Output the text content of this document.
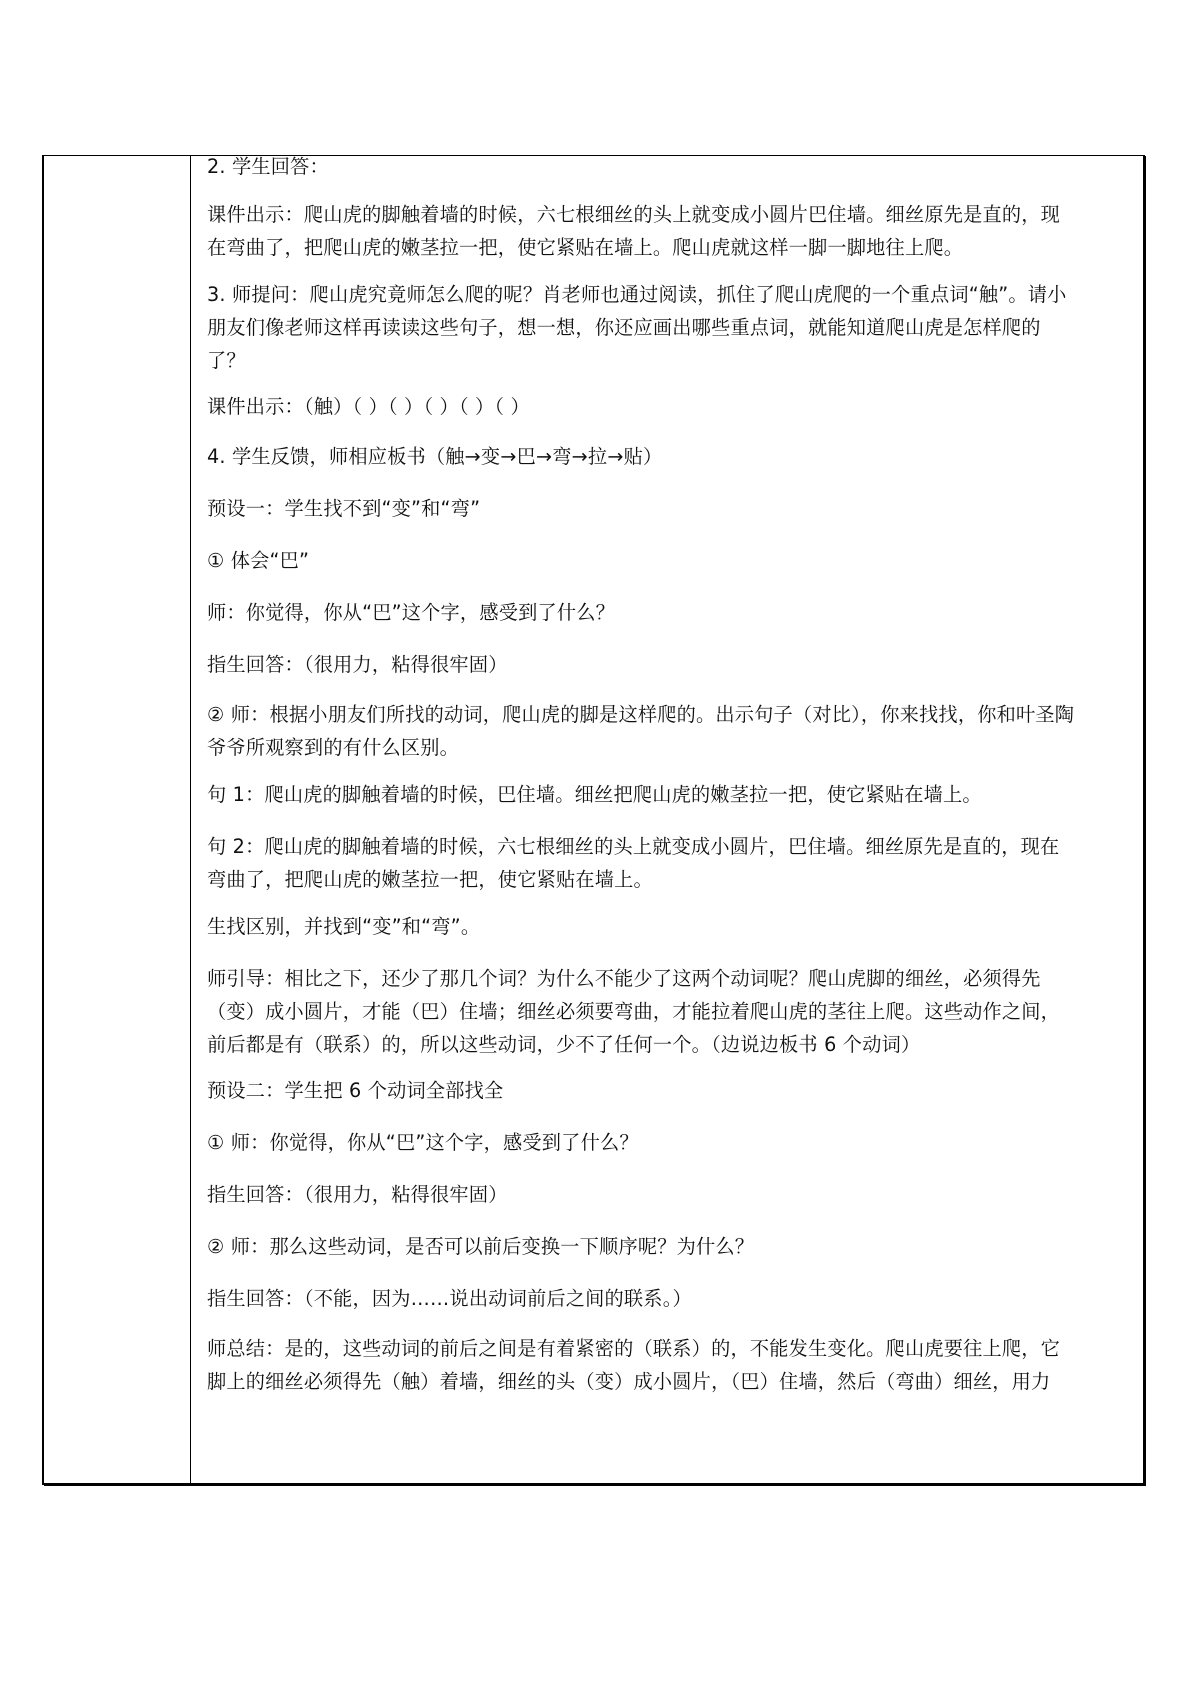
2. 学生回答：

课件出示：爬山虎的脚触着墙的时候，六七根细丝的头上就变成小圆片巴住墙。细丝原先是直的，现在弯曲了，把爬山虎的嫩茎拉一把，使它紧贴在墙上。爬山虎就这样一脚一脚地往上爬。

3. 师提问：爬山虎究竟师怎么爬的呢？肖老师也通过阅读，抓住了爬山虎爬的一个重点词“触”。请小朋友们像老师这样再读读这些句子，想一想，你还应画出哪些重点词，就能知道爬山虎是怎样爬的了？

课件出示：（触）（ ）（ ）（ ）（ ）（ ）

4. 学生反馈，师相应板书（触→变→巴→弯→拉→贴）

预设一：学生找不到“变”和“弯”

① 体会“巴”

师：你觉得，你从“巴”这个字，感受到了什么？

指生回答：（很用力，粘得很牢固）

② 师：根据小朋友们所找的动词，爬山虎的脚是这样爬的。出示句子（对比），你来找找，你和叶圣陶爷爷所观察到的有什么区别。

句 1：爬山虎的脚触着墙的时候，巴住墙。细丝把爬山虎的嫩茎拉一把，使它紧贴在墙上。

句 2：爬山虎的脚触着墙的时候，六七根细丝的头上就变成小圆片，巴住墙。细丝原先是直的，现在弯曲了，把爬山虎的嫩茎拉一把，使它紧贴在墙上。

生找区别，并找到“变”和“弯”。

师引导：相比之下，还少了那几个词？为什么不能少了这两个动词呢？爬山虎脚的细丝，必须得先（变）成小圆片，才能（巴）住墙；细丝必须要弯曲，才能拉着爬山虎的茎往上爬。这些动作之间，前后都是有（联系）的，所以这些动词，少不了任何一个。（边说边板书 6 个动词）

预设二：学生把 6 个动词全部找全

① 师：你觉得，你从“巴”这个字，感受到了什么？

指生回答：（很用力，粘得很牢固）

② 师：那么这些动词，是否可以前后变换一下顺序呢？为什么？

指生回答：（不能，因为……说出动词前后之间的联系。）

师总结：是的，这些动词的前后之间是有着紧密的（联系）的，不能发生变化。爬山虎要往上爬，它脚上的细丝必须得先（触）着墙，细丝的头（变）成小圆片，（巴）住墙，然后（弯曲）细丝，用力
